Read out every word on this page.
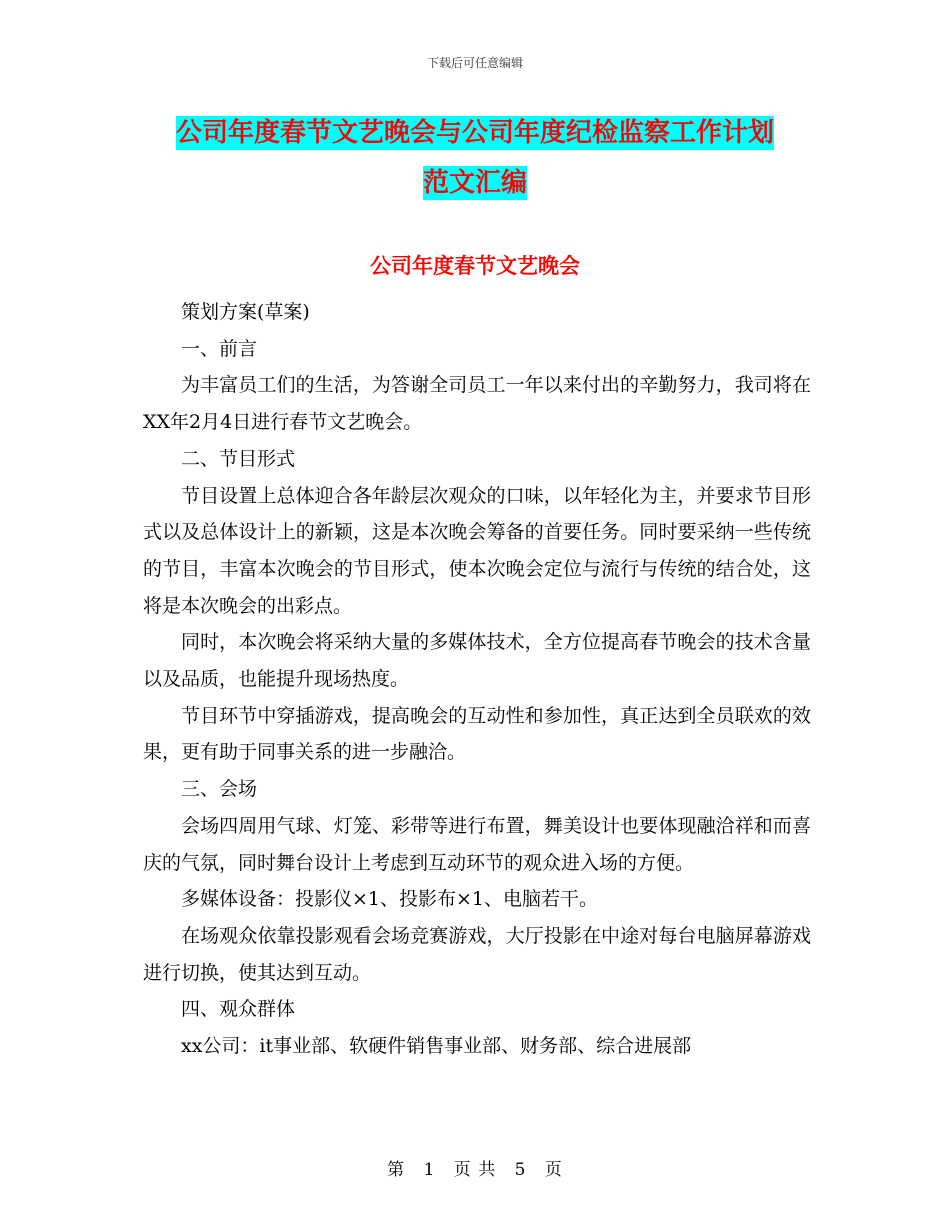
下载后可任意编辑
公司年度春节文艺晚会与公司年度纪检监察工作计划
范文汇编
公司年度春节文艺晚会

策划方案(草案)

一、前言

为丰富员工们的生活，为答谢全司员工一年以来付出的辛勤努力，我司将在XX年2月4日进行春节文艺晚会。

二、节目形式

节目设置上总体迎合各年龄层次观众的口味，以年轻化为主，并要求节目形式以及总体设计上的新颖，这是本次晚会筹备的首要任务。同时要采纳一些传统的节目，丰富本次晚会的节目形式，使本次晚会定位与流行与传统的结合处，这将是本次晚会的出彩点。

同时，本次晚会将采纳大量的多媒体技术，全方位提高春节晚会的技术含量以及品质，也能提升现场热度。

节目环节中穿插游戏，提高晚会的互动性和参加性，真正达到全员联欢的效果，更有助于同事关系的进一步融洽。

三、会场

会场四周用气球、灯笼、彩带等进行布置，舞美设计也要体现融洽祥和而喜庆的气氛，同时舞台设计上考虑到互动环节的观众进入场的方便。

多媒体设备：投影仪×1、投影布×1、电脑若干。

在场观众依靠投影观看会场竞赛游戏，大厅投影在中途对每台电脑屏幕游戏进行切换，使其达到互动。

四、观众群体

xx公司：it事业部、软硬件销售事业部、财务部、综合进展部

第 1 页 共 5 页
